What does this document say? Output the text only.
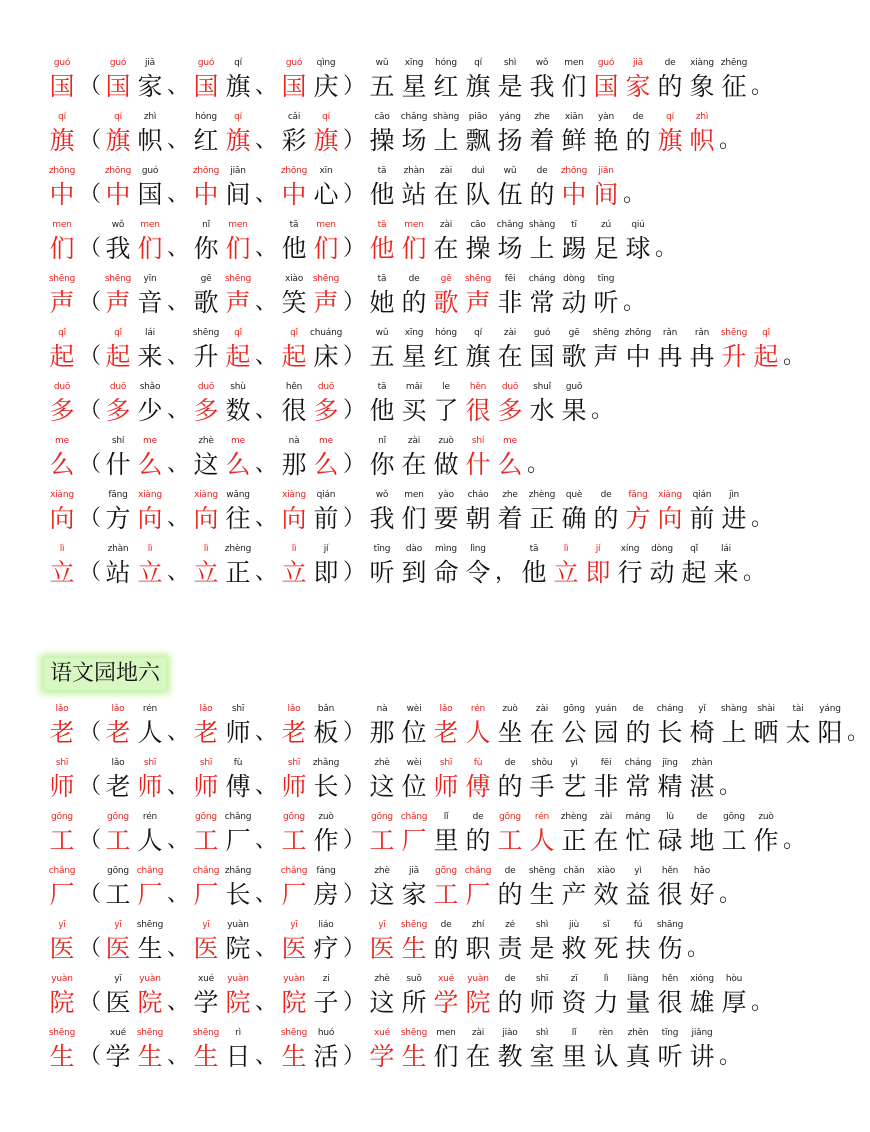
guó
国 （
guó
国
jiā
家 、
guó
国
qí
旗 、
guó
国
qìng
庆 ）
wǔ
五
xīng
星
hóng
红
qí
旗
shì
是
wǒ
我
men
们
guó
国
jiā
家
de
的
xiàng
象
zhēng
征 。
qí
旗 （
qí
旗
zhì
帜 、
hóng
红
qí
旗 、
cǎi
彩
qí
旗 ）
cāo
操
chǎng
场
shàng
上
piāo
飘
yáng
扬
zhe
着
xiān
鲜
yàn
艳
de
的
qí
旗
zhì
帜 。
zhōng
中 （
zhōng
中
guó
国 、
zhōng
中
jiān
间 、
zhōng
中
xīn
心 ）
tā
他
zhàn
站
zài
在
duì
队
wǔ
伍
de
的
zhōng
中
jiān
间 。
men
们 （
wǒ
我
men
们 、
nǐ
你
men
们 、
tā
他
men
们 ）
tā
他
men
们
zài
在
cāo
操
chǎng
场
shàng
上
tī
踢
zú
足
qiú
球 。
shēng
声 （
shēng
声
yīn
音 、
gē
歌
shēng
声 、
xiào
笑
shēng
声 ）
tā
她
de
的
gē
歌
shēng
声
fēi
非
cháng
常
dòng
动
tīng
听 。
qǐ
起 （
qǐ
起
lái
来 、
shēng
升
qǐ
起 、
qǐ
起
chuáng
床 ）
wǔ
五
xīng
星
hóng
红
qí
旗
zài
在
guó
国
gē
歌
shēng
声
zhōng
中
rǎn
冉
rǎn
冉
shēng
升
qǐ
起 。
duō
多 （
duō
多
shǎo
少 、
duō
多
shù
数 、
hěn
很
duō
多 ）
tā
他
mǎi
买
le
了
hěn
很
duō
多
shuǐ
水
guǒ
果 。
me
么 （
shí
什
me
么 、
zhè
这
me
么 、
nà
那
me
么 ）
nǐ
你
zài
在
zuò
做
shí
什
me
么 。
xiàng
向 （
fāng
方
xiàng
向 、
xiàng
向
wǎng
往 、
xiàng
向
qián
前 ）
wǒ
我
men
们
yào
要
cháo
朝
zhe
着
zhèng
正
què
确
de
的
fāng
方
xiàng
向
qián
前
jìn
进 。
lì
立 （
zhàn
站
lì
立 、
lì
立
zhèng
正 、
lì
立
jí
即 ）
tīng
听
dào
到
mìng
命
lìng
令 ，
tā
他
lì
立
jí
即
xíng
行
dòng
动
qǐ
起
lái
来 。
lǎo
老 （
lǎo
老
rén
人 、
lǎo
老
shī
师 、
lǎo
老
bǎn
板 ）
nà
那
wèi
位
lǎo
老
rén
人
zuò
坐
zài
在
gōng
公
yuán
园
de
的
cháng
长
yǐ
椅
shàng
上
shài
晒
tài
太
yáng
阳 。
shī
师 （
lǎo
老
shī
师 、
shī
师
fù
傅 、
shī
师
zhǎng
长 ）
zhè
这
wèi
位
shī
师
fù
傅
de
的
shǒu
手
yì
艺
fēi
非
cháng
常
jīng
精
zhàn
湛 。
gōng
工 （
gōng
工
rén
人 、
gōng
工
chǎng
厂 、
gōng
工
zuò
作 ）
gōng
工
chǎng
厂
lǐ
里
de
的
gōng
工
rén
人
zhèng
正
zài
在
máng
忙
lù
碌
de
地
gōng
工
zuò
作 。
chǎng
厂 （
gōng
工
chǎng
厂 、
chǎng
厂
zhǎng
长 、
chǎng
厂
fáng
房 ）
zhè
这
jiā
家
gōng
工
chǎng
厂
de
的
shēng
生
chǎn
产
xiào
效
yì
益
hěn
很
hǎo
好 。
yī
医 （
yī
医
shēng
生 、
yī
医
yuàn
院 、
yī
医
liáo
疗 ）
yī
医
shēng
生
de
的
zhí
职
zé
责
shì
是
jiù
救
sǐ
死
fú
扶
shāng
伤 。
yuàn
院 （
yī
医
yuàn
院 、
xué
学
yuàn
院 、
yuàn
院
zi
子 ）
zhè
这
suǒ
所
xué
学
yuàn
院
de
的
shī
师
zī
资
lì
力
liàng
量
hěn
很
xióng
雄
hòu
厚 。
shēng
生 （
xué
学
shēng
生 、
shēng
生
rì
日 、
shēng
生
huó
活 ）
xué
学
shēng
生
men
们
zài
在
jiào
教
shì
室
lǐ
里
rèn
认
zhēn
真
tīng
听
jiǎng
讲 。
语文园地六
